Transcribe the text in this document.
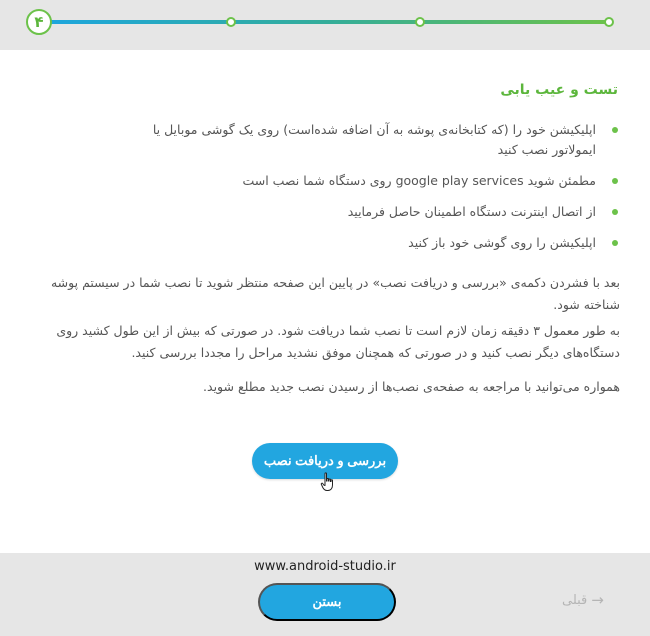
۴
تست و عیب یابی
اپلیکیشن خود را (که کتابخانه‌ی پوشه به آن اضافه شده‌است) روی یک گوشی موبایل یا ایمولاتور نصب کنید
مطمئن شوید google play services روی دستگاه شما نصب است
از اتصال اینترنت دستگاه اطمینان حاصل فرمایید
اپلیکیشن را روی گوشی خود باز کنید

بعد با فشردن دکمه‌ی «بررسی و دریافت نصب» در پایین این صفحه منتظر شوید تا نصب شما در سیستم پوشه شناخته شود.

به طور معمول ۳ دقیقه زمان لازم است تا نصب شما دریافت شود. در صورتی که بیش از این طول کشید روی دستگاه‌های دیگر نصب کنید و در صورتی که همچنان موفق نشدید مراحل را مجددا بررسی کنید.

همواره می‌توانید با مراجعه به صفحه‌ی نصب‌ها از رسیدن نصب جدید مطلع شوید.

بررسی و دریافت نصب
www.android-studio.ir
بستن	قبلی →
